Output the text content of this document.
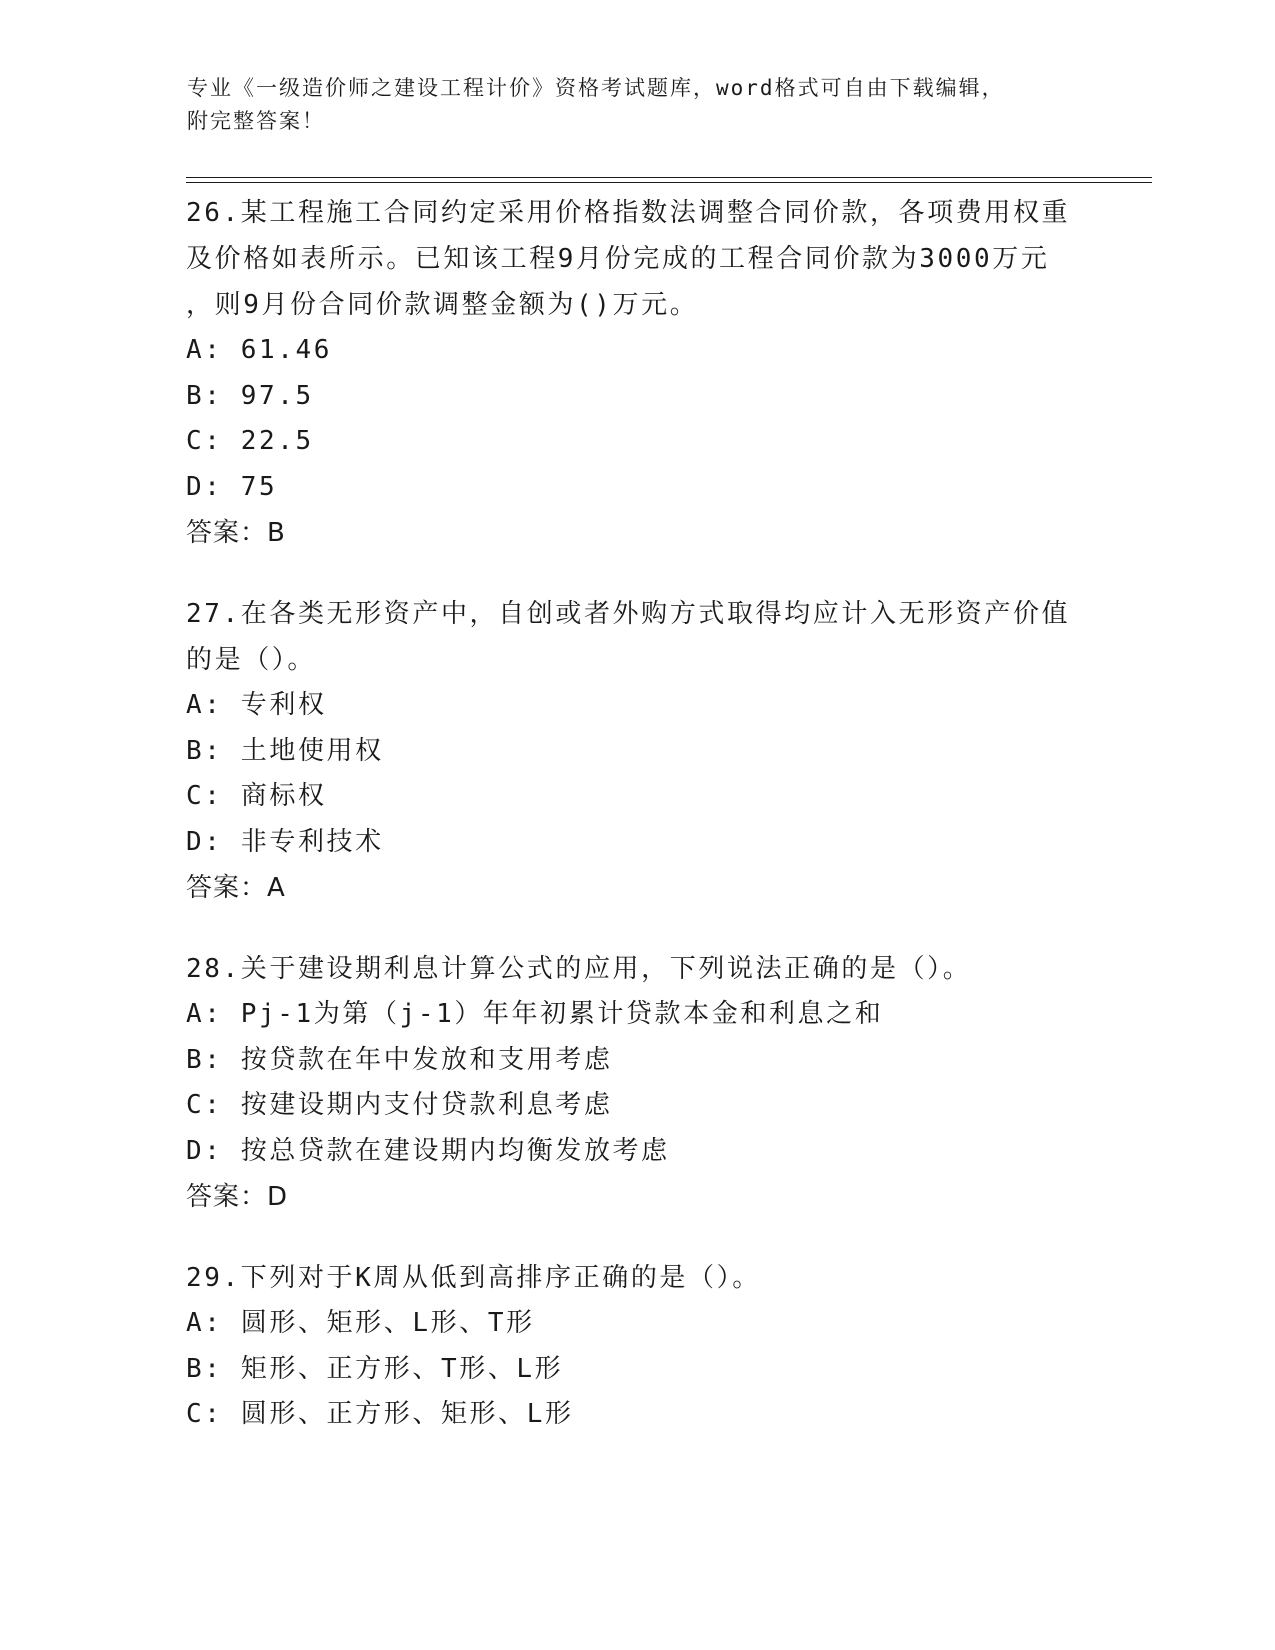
专业《一级造价师之建设工程计价》资格考试题库，word格式可自由下载编辑，
附完整答案！

26.某工程施工合同约定采用价格指数法调整合同价款，各项费用权重

及价格如表所示。已知该工程9月份完成的工程合同价款为3000万元

，则9月份合同价款调整金额为()万元。

A: 61.46

B: 97.5

C: 22.5

D: 75

答案：B

27.在各类无形资产中，自创或者外购方式取得均应计入无形资产价值

的是（）。

A: 专利权

B: 土地使用权

C: 商标权

D: 非专利技术

答案：A

28.关于建设期利息计算公式的应用，下列说法正确的是（）。

A: Pj-1为第（j-1）年年初累计贷款本金和利息之和

B: 按贷款在年中发放和支用考虑

C: 按建设期内支付贷款利息考虑

D: 按总贷款在建设期内均衡发放考虑

答案：D

29.下列对于K周从低到高排序正确的是（）。

A: 圆形、矩形、L形、T形

B: 矩形、正方形、T形、L形

C: 圆形、正方形、矩形、L形
